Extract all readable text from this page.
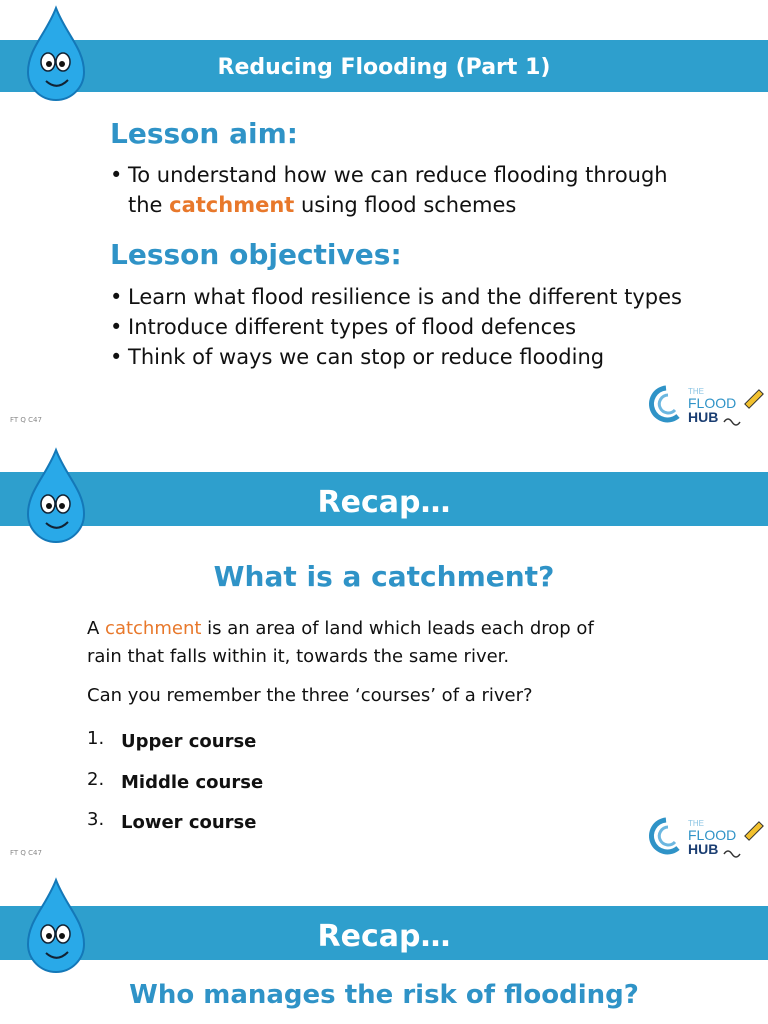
Reducing Flooding (Part 1)
Lesson aim:
• To understand how we can reduce flooding through the catchment using flood schemes
Lesson objectives:
• Learn what flood resilience is and the different types
• Introduce different types of flood defences
• Think of ways we can stop or reduce flooding
FT Q C47
THE
FLOOD
HUB
Recap…
What is a catchment?
A catchment is an area of land which leads each drop of rain that falls within it, towards the same river.
Can you remember the three ‘courses’ of a river?
1. Upper course
2. Middle course
3. Lower course
FT Q C47
THE
FLOOD
HUB
Recap…
Who manages the risk of flooding?
